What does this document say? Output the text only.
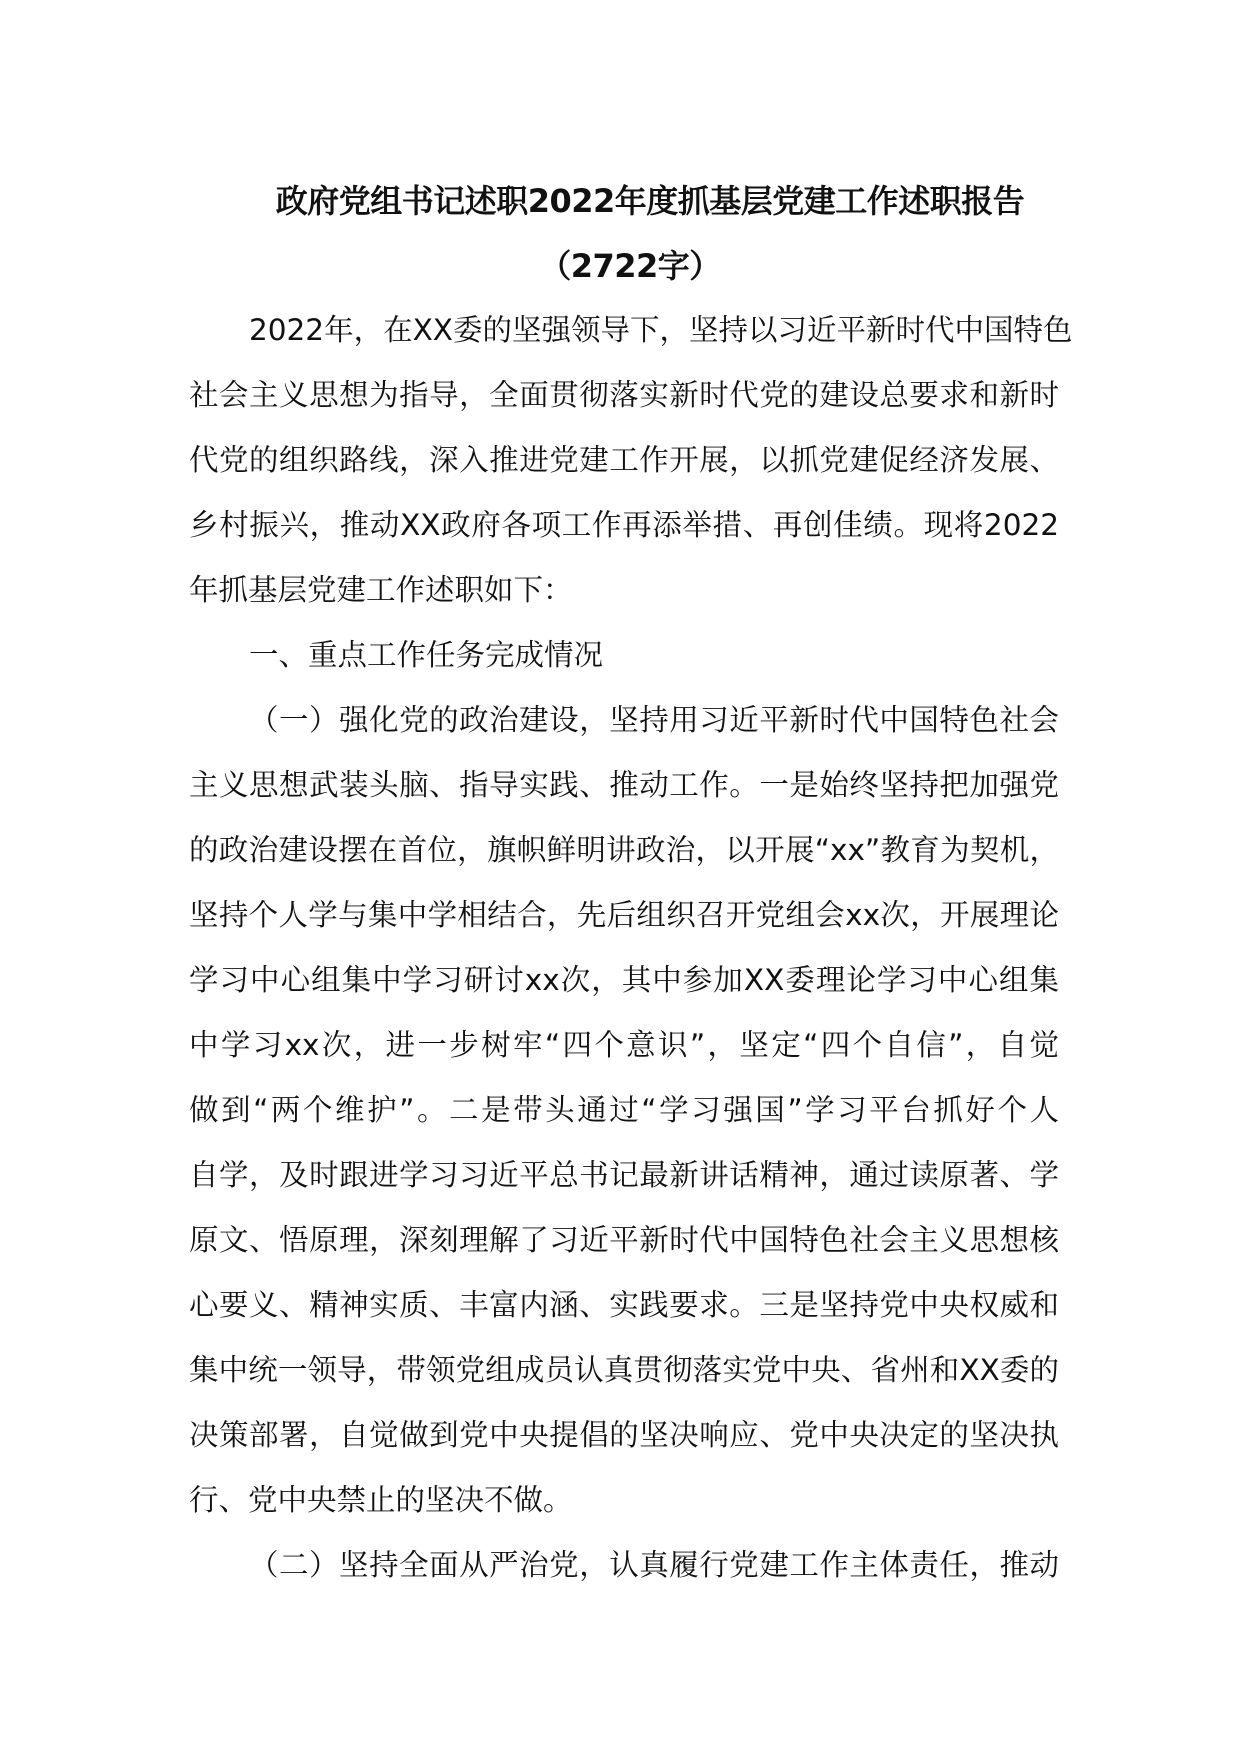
政府党组书记述职2022年度抓基层党建工作述职报告
（2722字）
2022年，在XX委的坚强领导下，坚持以习近平新时代中国特色
社会主义思想为指导，全面贯彻落实新时代党的建设总要求和新时
代党的组织路线，深入推进党建工作开展，以抓党建促经济发展、
乡村振兴，推动XX政府各项工作再添举措、再创佳绩。现将2022
年抓基层党建工作述职如下：
一、重点工作任务完成情况
（一）强化党的政治建设，坚持用习近平新时代中国特色社会
主义思想武装头脑、指导实践、推动工作。一是始终坚持把加强党
的政治建设摆在首位，旗帜鲜明讲政治，以开展“xx”教育为契机，
坚持个人学与集中学相结合，先后组织召开党组会xx次，开展理论
学习中心组集中学习研讨xx次，其中参加XX委理论学习中心组集
中学习xx次，进一步树牢“四个意识”，坚定“四个自信”，自觉
做到“两个维护”。二是带头通过“学习强国”学习平台抓好个人
自学，及时跟进学习习近平总书记最新讲话精神，通过读原著、学
原文、悟原理，深刻理解了习近平新时代中国特色社会主义思想核
心要义、精神实质、丰富内涵、实践要求。三是坚持党中央权威和
集中统一领导，带领党组成员认真贯彻落实党中央、省州和XX委的
决策部署，自觉做到党中央提倡的坚决响应、党中央决定的坚决执
行、党中央禁止的坚决不做。
（二）坚持全面从严治党，认真履行党建工作主体责任，推动
